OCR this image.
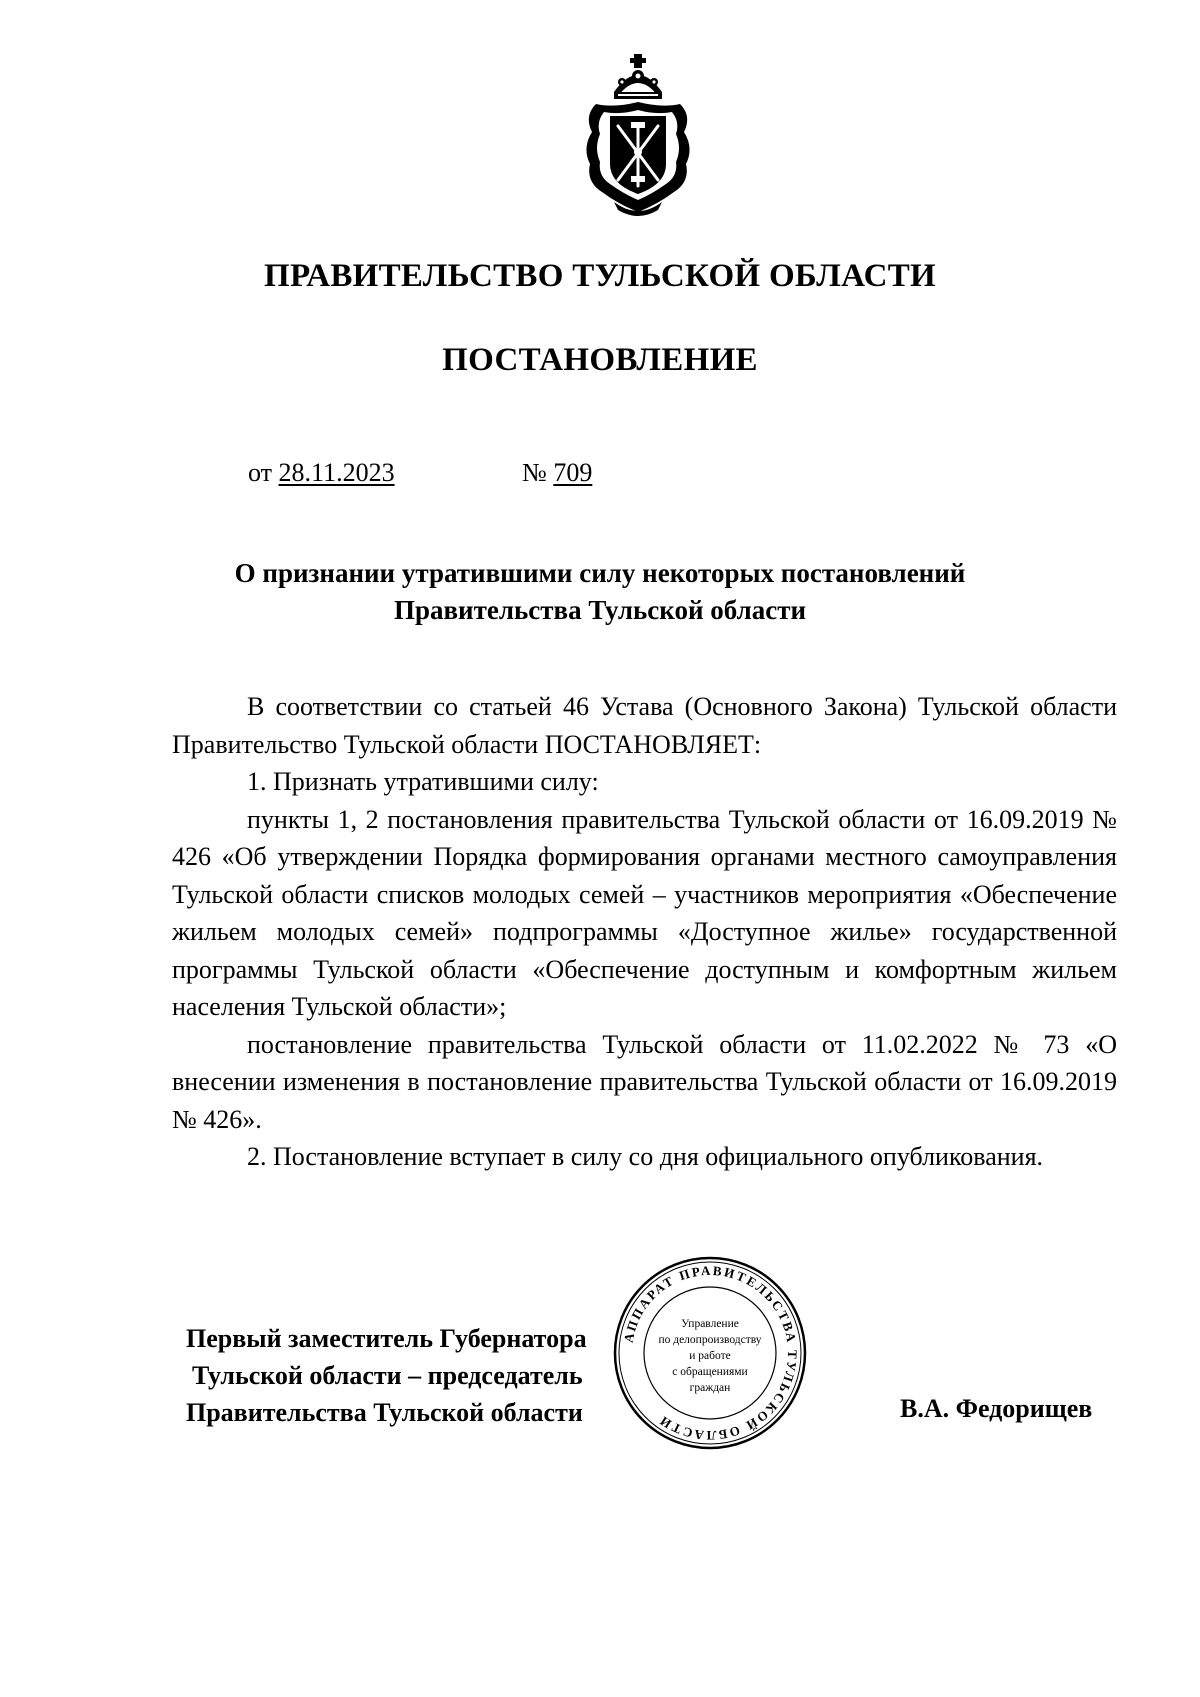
ПРАВИТЕЛЬСТВО ТУЛЬСКОЙ ОБЛАСТИ
ПОСТАНОВЛЕНИЕ
от 28.11.2023	№ 709
О признании утратившими силу некоторых постановлений
Правительства Тульской области

В соответствии со статьей 46 Устава (Основного Закона) Тульской области Правительство Тульской области ПОСТАНОВЛЯЕТ:

1. Признать утратившими силу:

пункты 1, 2 постановления правительства Тульской области от 16.09.2019 № 426 «Об утверждении Порядка формирования органами местного самоуправления Тульской области списков молодых семей – участников мероприятия «Обеспечение жильем молодых семей» подпрограммы «Доступное жилье» государственной программы Тульской области «Обеспечение доступным и комфортным жильем населения Тульской области»;

постановление правительства Тульской области от 11.02.2022 № 73 «О внесении изменения в постановление правительства Тульской области от 16.09.2019 № 426».

2. Постановление вступает в силу со дня официального опубликования.

Первый заместитель Губернатора
Тульской области – председатель
Правительства Тульской области	В.А. Федорищев
АППАРАТ ПРАВИТЕЛЬСТВА ТУЛЬСКОЙ ОБЛАСТИ
Управление
по делопроизводству
и работе
с обращениями
граждан
